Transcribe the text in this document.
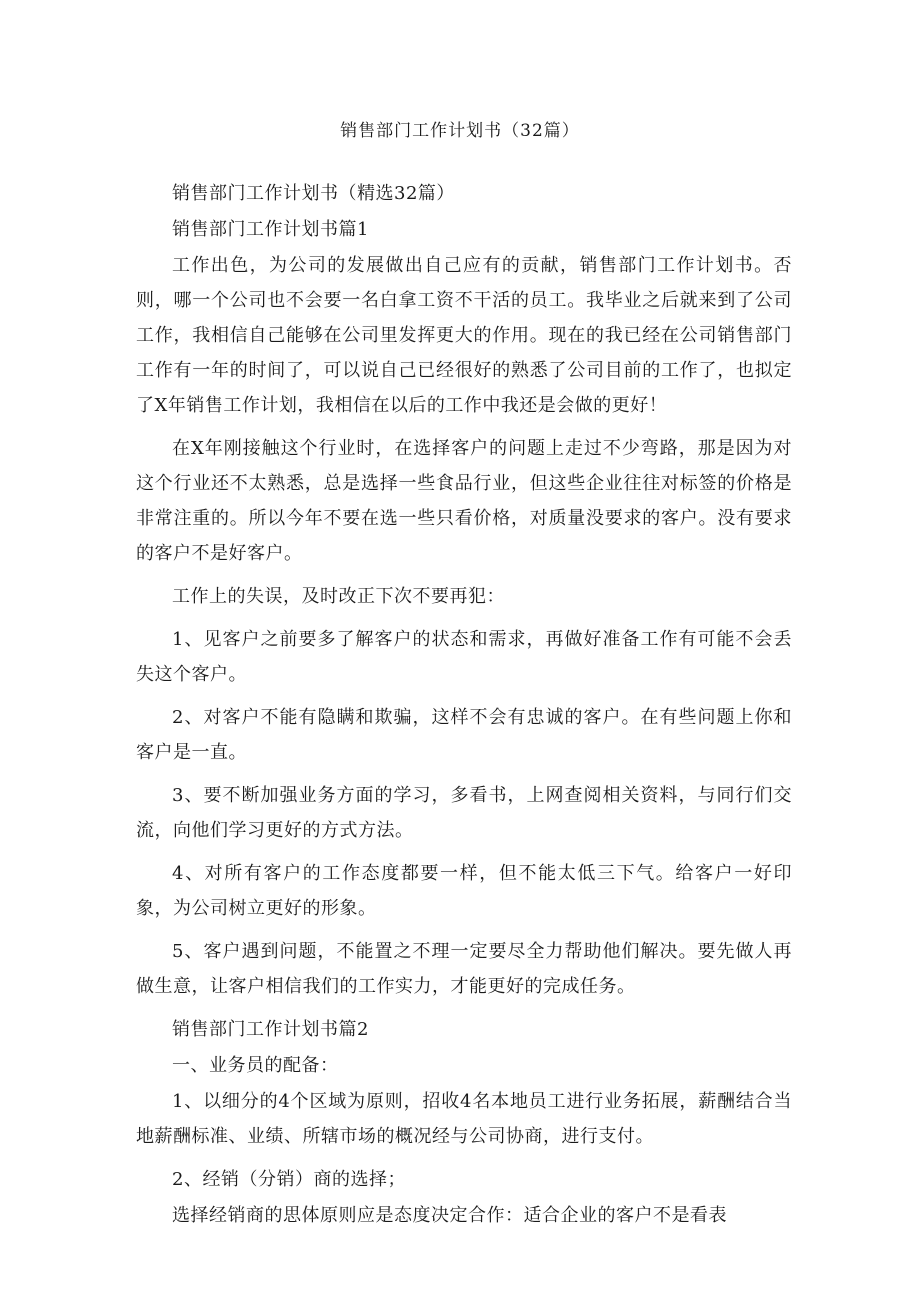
销售部门工作计划书（32篇）

销售部门工作计划书（精选32篇）

销售部门工作计划书篇1

工作出色，为公司的发展做出自己应有的贡献，销售部门工作计划书。否则，哪一个公司也不会要一名白拿工资不干活的员工。我毕业之后就来到了公司工作，我相信自己能够在公司里发挥更大的作用。现在的我已经在公司销售部门工作有一年的时间了，可以说自己已经很好的熟悉了公司目前的工作了，也拟定了X年销售工作计划，我相信在以后的工作中我还是会做的更好！

在X年刚接触这个行业时，在选择客户的问题上走过不少弯路，那是因为对这个行业还不太熟悉，总是选择一些食品行业，但这些企业往往对标签的价格是非常注重的。所以今年不要在选一些只看价格，对质量没要求的客户。没有要求的客户不是好客户。

工作上的失误，及时改正下次不要再犯：

1、见客户之前要多了解客户的状态和需求，再做好准备工作有可能不会丢失这个客户。

2、对客户不能有隐瞒和欺骗，这样不会有忠诚的客户。在有些问题上你和客户是一直。

3、要不断加强业务方面的学习，多看书，上网查阅相关资料，与同行们交流，向他们学习更好的方式方法。

4、对所有客户的工作态度都要一样，但不能太低三下气。给客户一好印象，为公司树立更好的形象。

5、客户遇到问题，不能置之不理一定要尽全力帮助他们解决。要先做人再做生意，让客户相信我们的工作实力，才能更好的完成任务。

销售部门工作计划书篇2

一、业务员的配备：

1、以细分的4个区域为原则，招收4名本地员工进行业务拓展，薪酬结合当地薪酬标准、业绩、所辖市场的概况经与公司协商，进行支付。

2、经销（分销）商的选择；

选择经销商的思体原则应是态度决定合作：适合企业的客户不是看表
